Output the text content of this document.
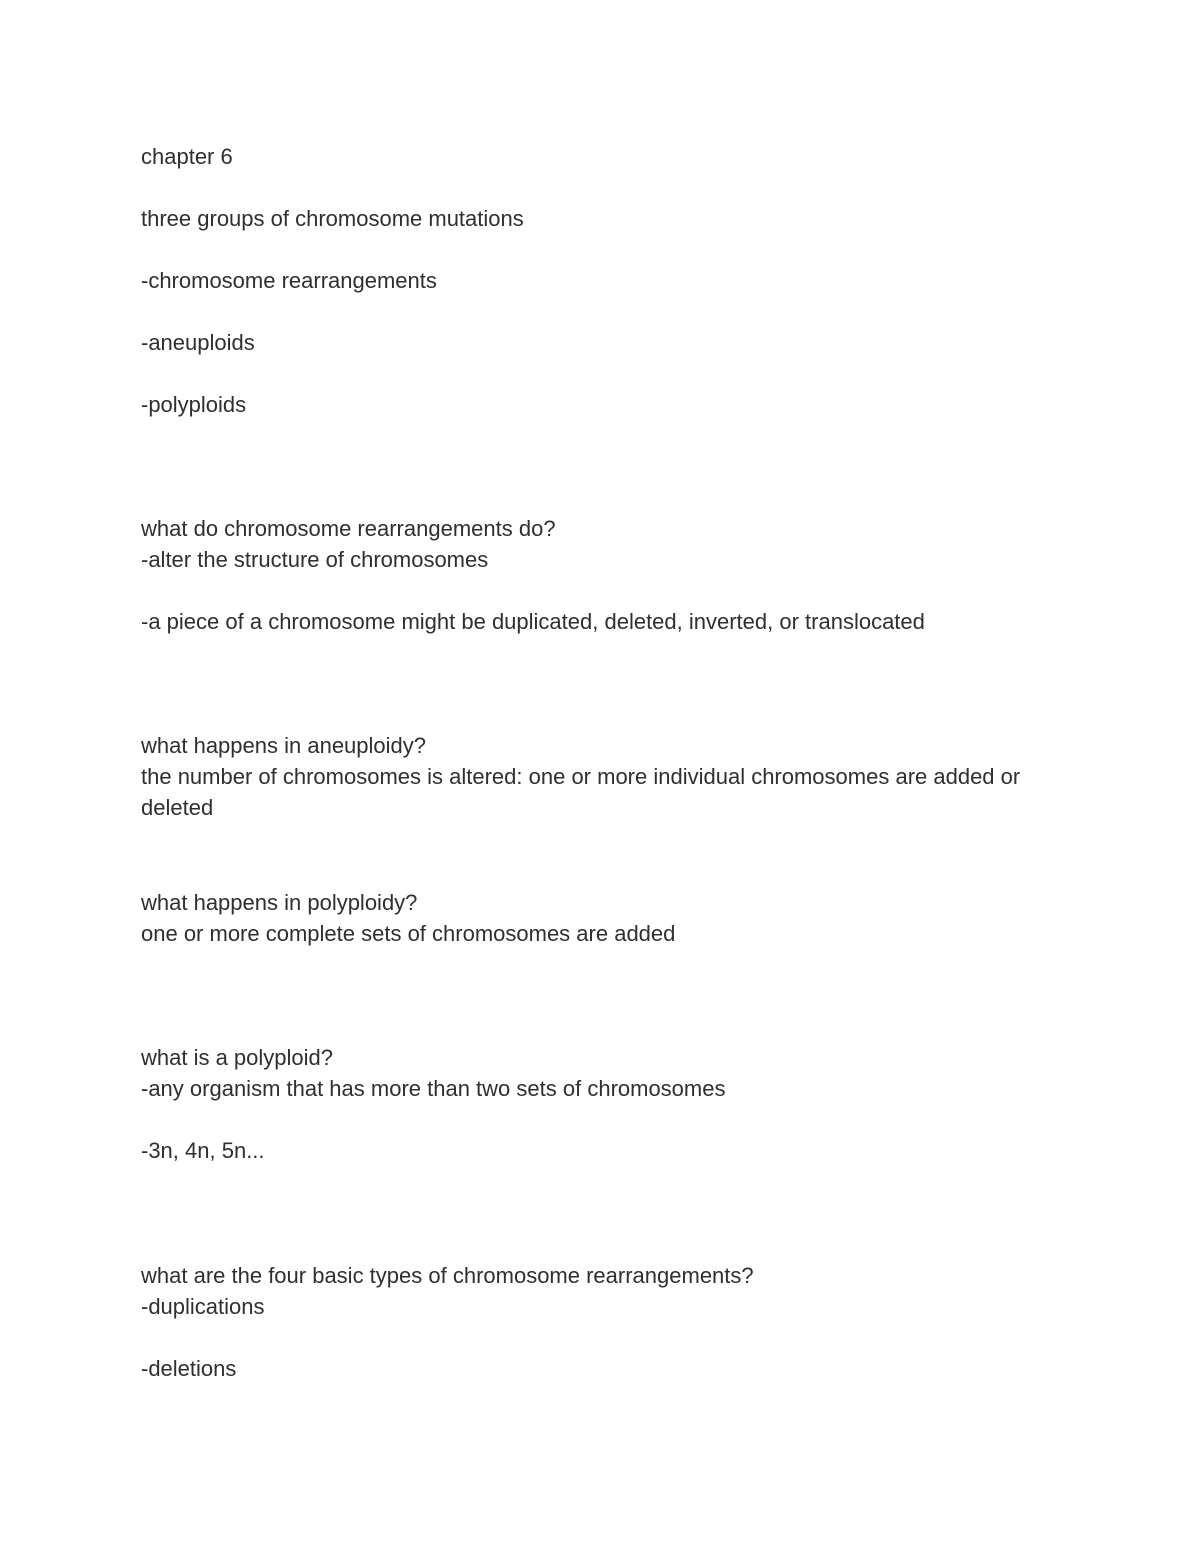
chapter 6

three groups of chromosome mutations

-chromosome rearrangements

-aneuploids

-polyploids

what do chromosome rearrangements do?

-alter the structure of chromosomes

-a piece of a chromosome might be duplicated, deleted, inverted, or translocated

what happens in aneuploidy?

the number of chromosomes is altered: one or more individual chromosomes are added or deleted

what happens in polyploidy?

one or more complete sets of chromosomes are added

what is a polyploid?

-any organism that has more than two sets of chromosomes

-3n, 4n, 5n...

what are the four basic types of chromosome rearrangements?

-duplications

-deletions
